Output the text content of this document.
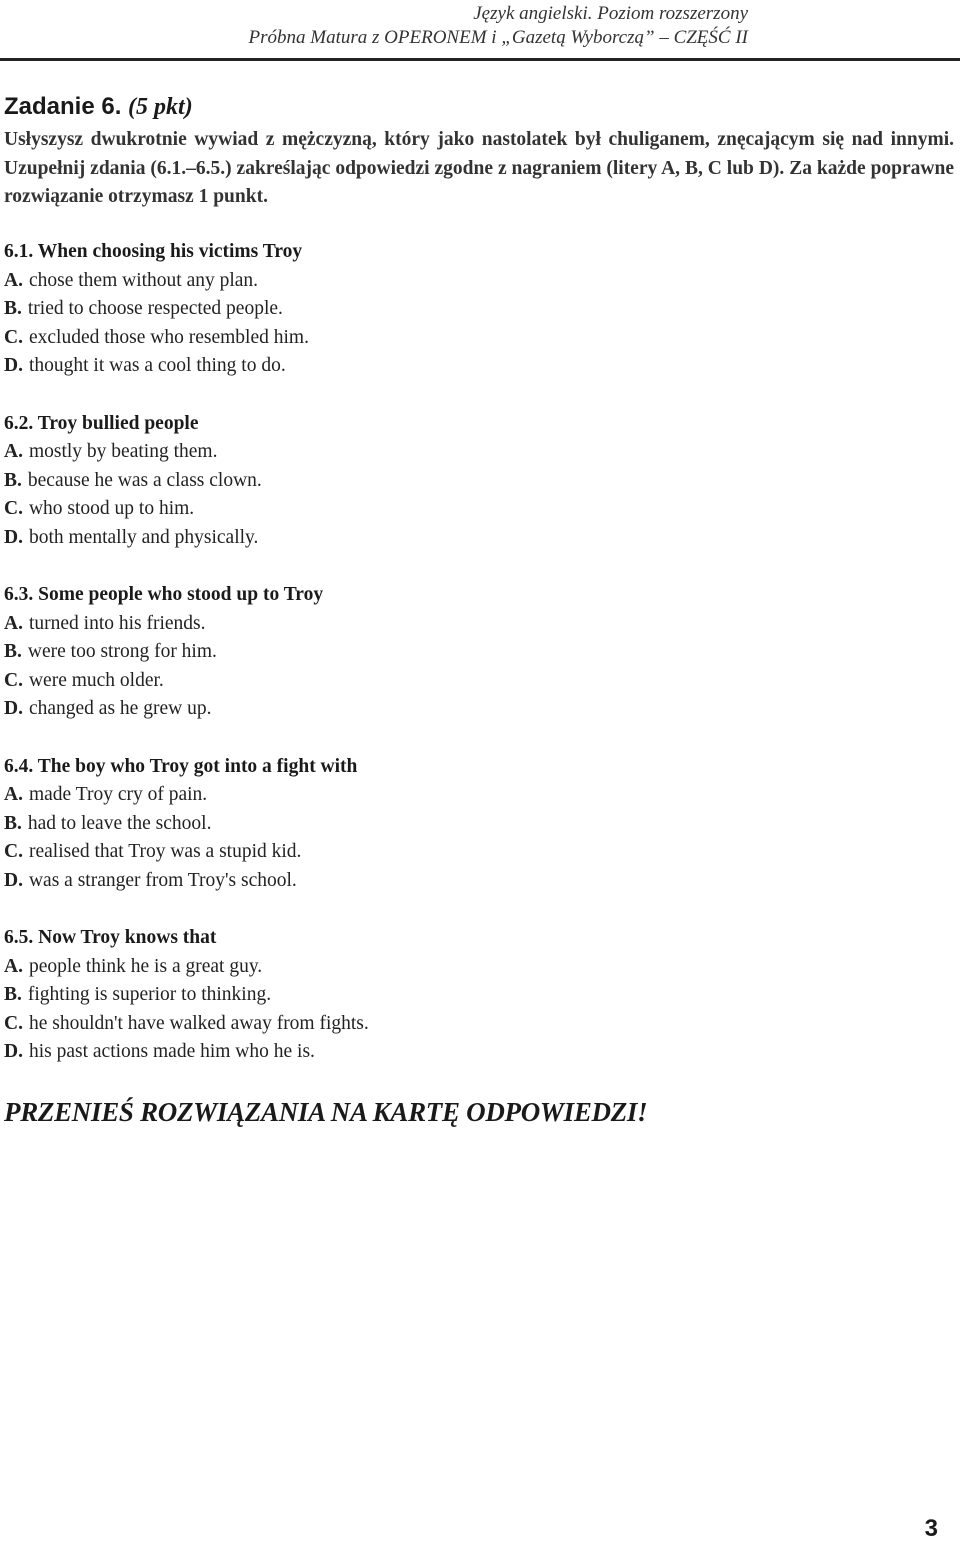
Język angielski. Poziom rozszerzony
Próbna Matura z OPERONEM i „Gazetą Wyborczą” – CZĘŚĆ II
Zadanie 6. (5 pkt)

Usłyszysz dwukrotnie wywiad z mężczyzną, który jako nastolatek był chuliganem, znęcającym się nad innymi. Uzupełnij zdania (6.1.–6.5.) zakreślając odpowiedzi zgodne z nagraniem (litery A, B, C lub D). Za każde poprawne rozwiązanie otrzymasz 1 punkt.

6.1. When choosing his victims Troy
A. chose them without any plan.
B. tried to choose respected people.
C. excluded those who resembled him.
D. thought it was a cool thing to do.
6.2. Troy bullied people
A. mostly by beating them.
B. because he was a class clown.
C. who stood up to him.
D. both mentally and physically.
6.3. Some people who stood up to Troy
A. turned into his friends.
B. were too strong for him.
C. were much older.
D. changed as he grew up.
6.4. The boy who Troy got into a fight with
A. made Troy cry of pain.
B. had to leave the school.
C. realised that Troy was a stupid kid.
D. was a stranger from Troy's school.
6.5. Now Troy knows that
A. people think he is a great guy.
B. fighting is superior to thinking.
C. he shouldn't have walked away from fights.
D. his past actions made him who he is.
PRZENIEŚ ROZWIĄZANIA NA KARTĘ ODPOWIEDZI!
3
